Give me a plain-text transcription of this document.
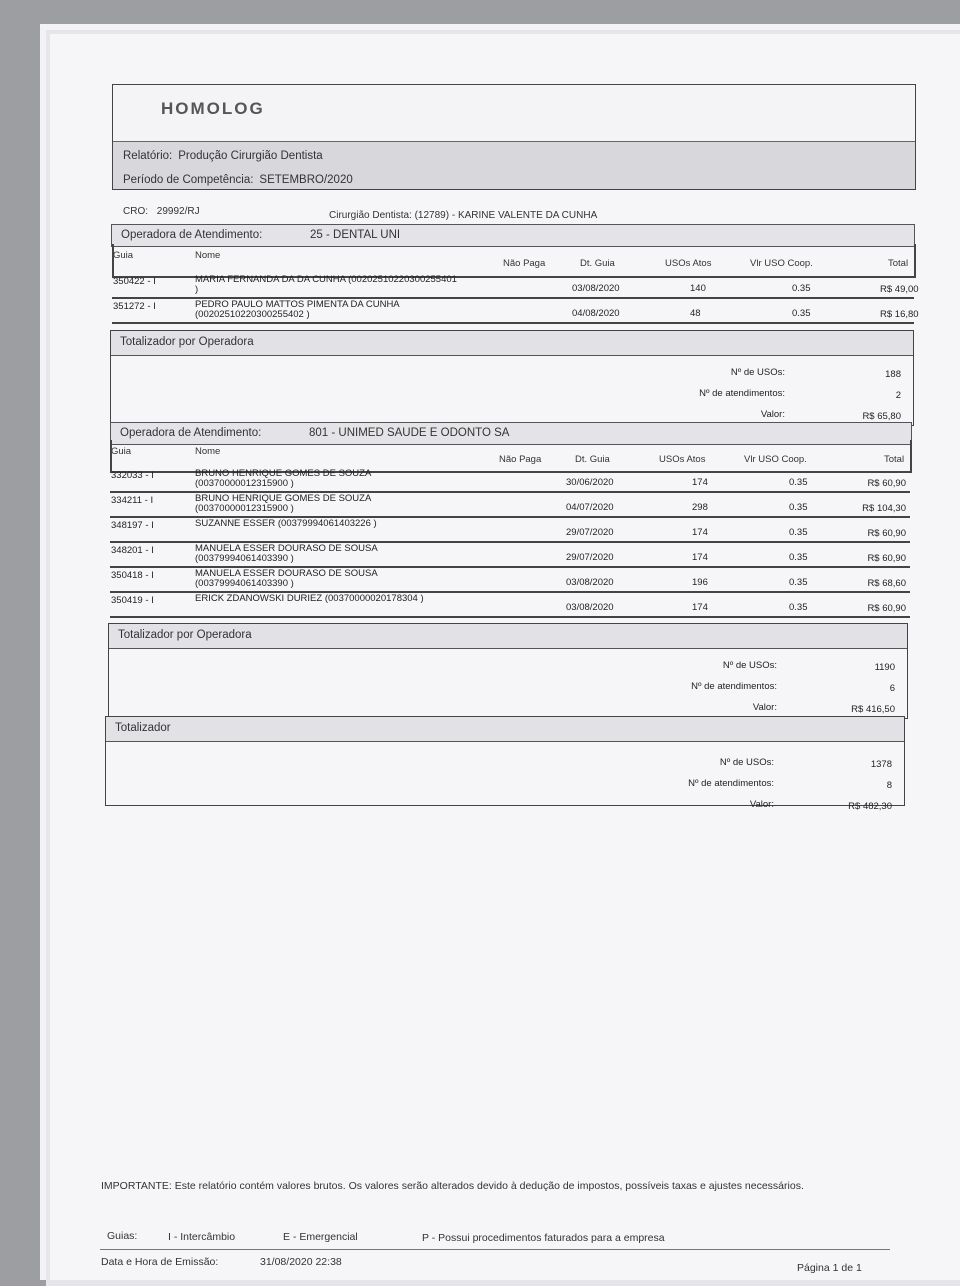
HOMOLOG
Relatório: Produção Cirurgião Dentista
Período de Competência: SETEMBRO/2020
CRO: 29992/RJ	Cirurgião Dentista: (12789) - KARINE VALENTE DA CUNHA
Operadora de Atendimento:	25 - DENTAL UNI
Guia	Nome
Não Paga	Dt. Guia	USOs Atos	Vlr USO Coop.	Total
350422 - I	MARIA FERNANDA DA DA CUNHA (00202510220300255401
)	03/08/2020	140	0.35	R$ 49,00
351272 - I	PEDRO PAULO MATTOS PIMENTA DA CUNHA
(00202510220300255402 )	04/08/2020	48	0.35	R$ 16,80
Totalizador por Operadora
Nº de USOs:	188
Nº de atendimentos:	2
Valor:	R$ 65,80
Operadora de Atendimento:	801 - UNIMED SAUDE E ODONTO SA
Guia	Nome
Não Paga	Dt. Guia	USOs Atos	Vlr USO Coop.	Total
332033 - I	BRUNO HENRIQUE GOMES DE SOUZA
(00370000012315900 )	30/06/2020	174	0.35	R$ 60,90
334211 - I	BRUNO HENRIQUE GOMES DE SOUZA
(00370000012315900 )	04/07/2020	298	0.35	R$ 104,30
348197 - I	SUZANNE ESSER (00379994061403226 )
29/07/2020	174	0.35	R$ 60,90
348201 - I	MANUELA ESSER DOURASO DE SOUSA
(00379994061403390 )	29/07/2020	174	0.35	R$ 60,90
350418 - I	MANUELA ESSER DOURASO DE SOUSA
(00379994061403390 )	03/08/2020	196	0.35	R$ 68,60
350419 - I	ERICK ZDANOWSKI DURIEZ (00370000020178304 )
03/08/2020	174	0.35	R$ 60,90
Totalizador por Operadora
Nº de USOs:	1190
Nº de atendimentos:	6
Valor:	R$ 416,50
Totalizador
Nº de USOs:	1378
Nº de atendimentos:	8
Valor:	R$ 482,30
IMPORTANTE: Este relatório contém valores brutos. Os valores serão alterados devido à dedução de impostos, possíveis taxas e ajustes necessários.
Guias:	I - Intercâmbio	E - Emergencial	P - Possui procedimentos faturados para a empresa
Data e Hora de Emissão:	31/08/2020 22:38	Página 1 de 1
